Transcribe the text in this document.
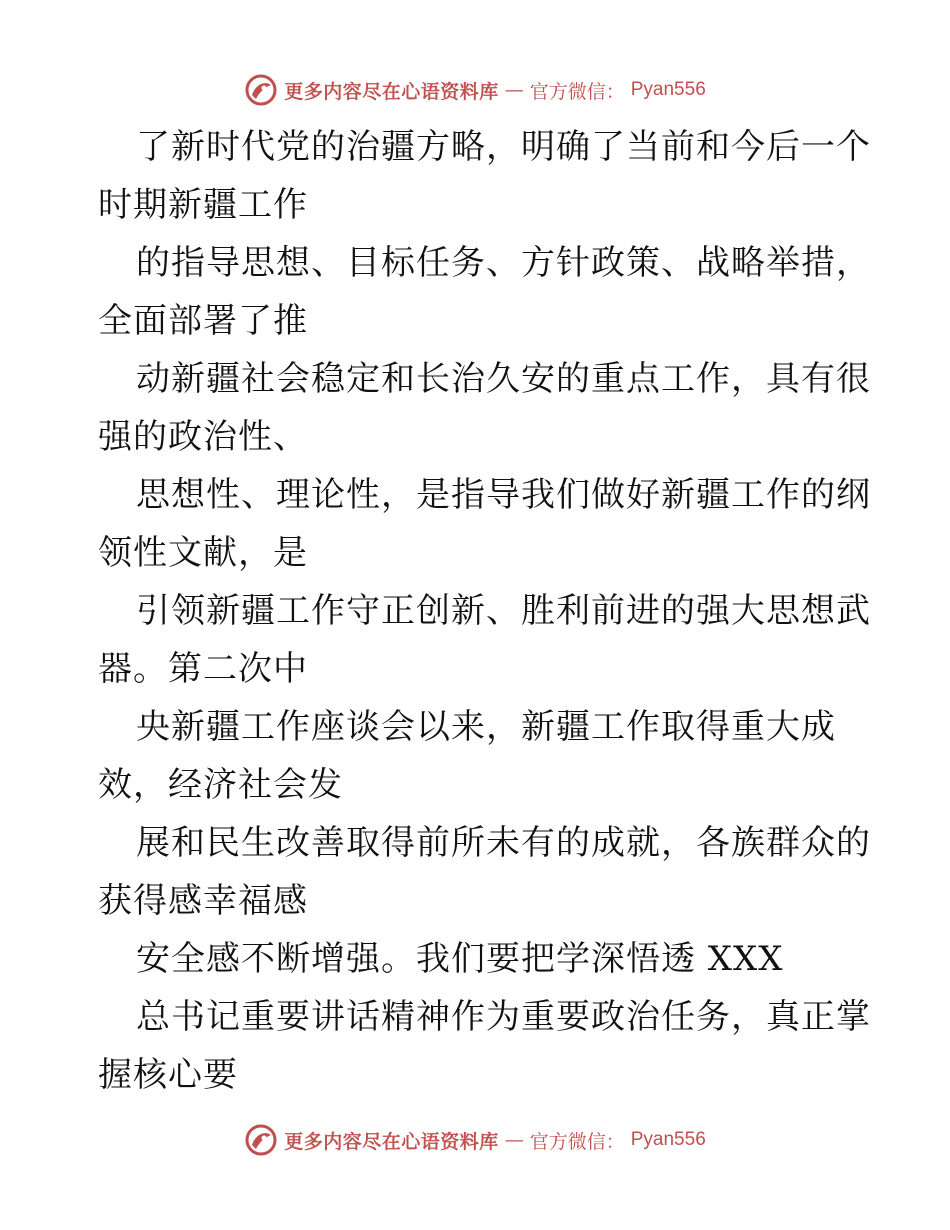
更多内容尽在心语资料库 — 官方微信： Pyan556
了新时代党的治疆方略，明确了当前和今后一个
时期新疆工作
的指导思想、目标任务、方针政策、战略举措，
全面部署了推
动新疆社会稳定和长治久安的重点工作，具有很
强的政治性、
思想性、理论性，是指导我们做好新疆工作的纲
领性文献，是
引领新疆工作守正创新、胜利前进的强大思想武
器。第二次中
央新疆工作座谈会以来，新疆工作取得重大成
效，经济社会发
展和民生改善取得前所未有的成就，各族群众的
获得感幸福感
安全感不断增强。我们要把学深悟透 XXX
总书记重要讲话精神作为重要政治任务，真正掌
握核心要
更多内容尽在心语资料库 — 官方微信： Pyan556
